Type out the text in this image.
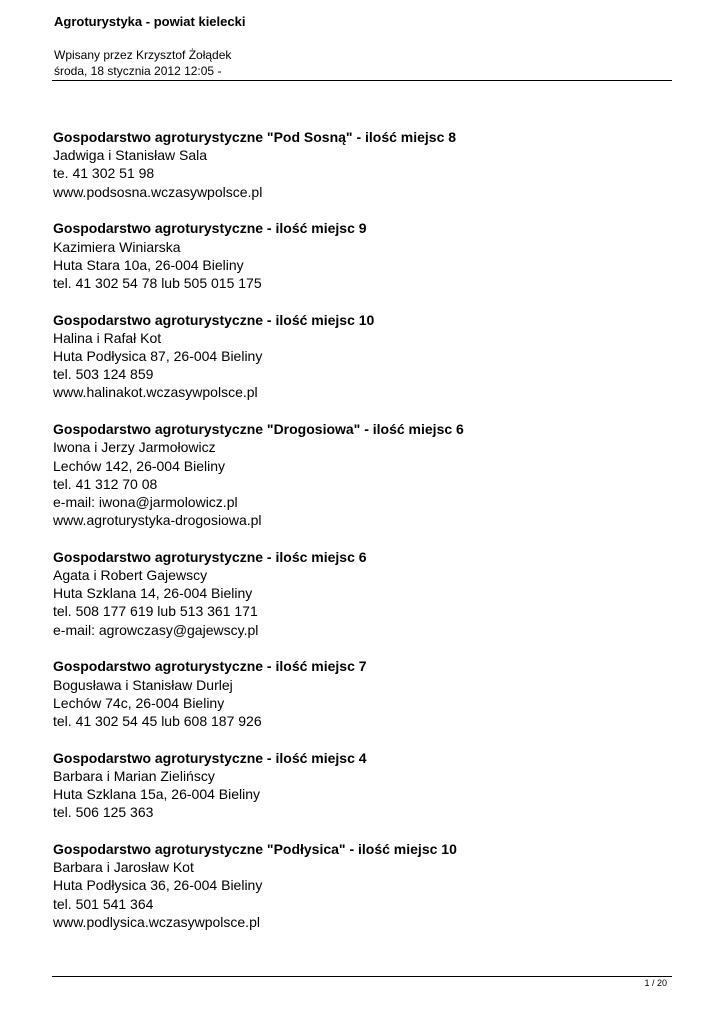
Agroturystyka - powiat kielecki
Wpisany przez Krzysztof Żołądek
środa, 18 stycznia 2012 12:05 -
Gospodarstwo agroturystyczne "Pod Sosną" - ilość miejsc 8
Jadwiga i Stanisław Sala
te. 41 302 51 98
www.podsosna.wczasywpolsce.pl
Gospodarstwo agroturystyczne - ilość miejsc 9
Kazimiera Winiarska
Huta Stara 10a, 26-004 Bieliny
tel. 41 302 54 78 lub 505 015 175
Gospodarstwo agroturystyczne - ilość miejsc 10
Halina i Rafał Kot
Huta Podłysica 87, 26-004 Bieliny
tel. 503 124 859
www.halinakot.wczasywpolsce.pl
Gospodarstwo agroturystyczne "Drogosiowa" - ilość miejsc 6
Iwona i Jerzy Jarmołowicz
Lechów 142, 26-004 Bieliny
tel. 41 312 70 08
e-mail: iwona@jarmolowicz.pl
www.agroturystyka-drogosiowa.pl
Gospodarstwo agroturystyczne - ilośc miejsc 6
Agata i Robert Gajewscy
Huta Szklana 14, 26-004 Bieliny
tel. 508 177 619 lub 513 361 171
e-mail: agrowczasy@gajewscy.pl
Gospodarstwo agroturystyczne - ilość miejsc 7
Bogusława i Stanisław Durlej
Lechów 74c, 26-004 Bieliny
tel. 41 302 54 45 lub 608 187 926
Gospodarstwo agroturystyczne - ilość miejsc 4
Barbara i Marian Zielińscy
Huta Szklana 15a, 26-004 Bieliny
tel. 506 125 363
Gospodarstwo agroturystyczne "Podłysica" - ilość miejsc 10
Barbara i Jarosław Kot
Huta Podłysica 36, 26-004 Bieliny
tel. 501 541 364
www.podlysica.wczasywpolsce.pl
1 / 20
